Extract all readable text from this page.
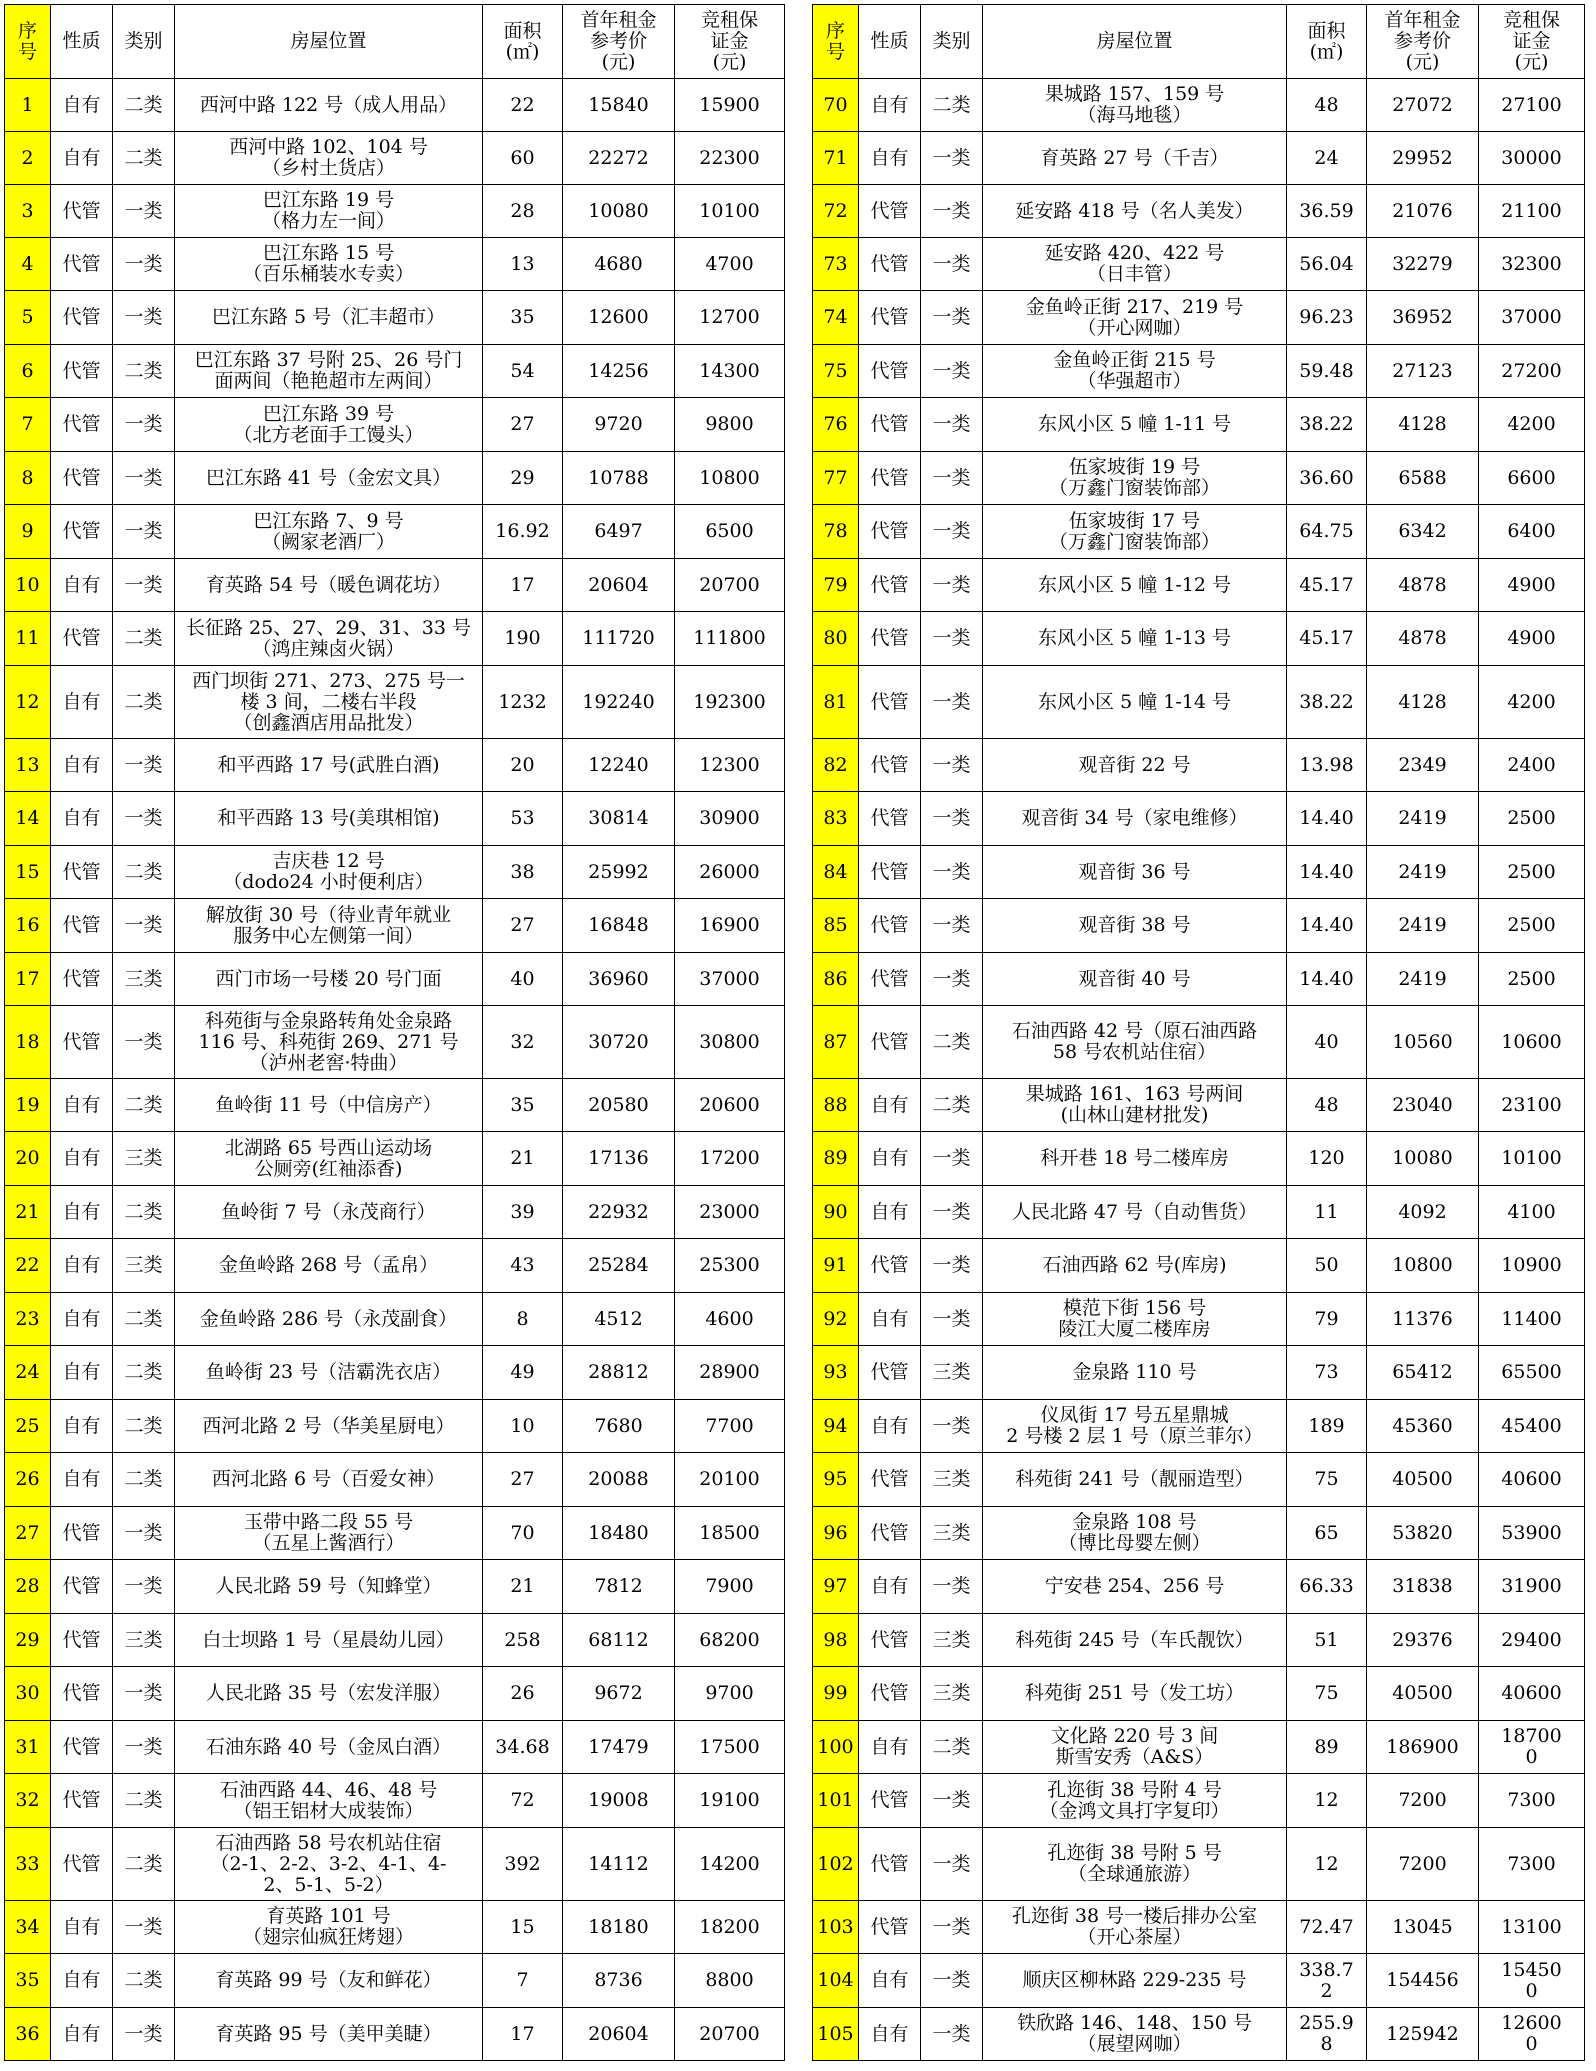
序
号	性质	类别	房屋位置	面积
(㎡)	首年租金
参考价
(元)	竞租保
证金
(元)

1	自有	二类	西河中路 122 号（成人用品）	22	15840	15900

2	自有	二类	西河中路 102、104 号
（乡村土货店）	60	22272	22300

3	代管	一类	巴江东路 19 号
（格力左一间）	28	10080	10100

4	代管	一类	巴江东路 15 号
（百乐桶装水专卖）	13	4680	4700

5	代管	一类	巴江东路 5 号（汇丰超市）	35	12600	12700

6	代管	二类	巴江东路 37 号附 25、26 号门
面两间（艳艳超市左两间）	54	14256	14300

7	代管	一类	巴江东路 39 号
（北方老面手工馒头）	27	9720	9800

8	代管	一类	巴江东路 41 号（金宏文具）	29	10788	10800

9	代管	一类	巴江东路 7、9 号
（阙家老酒厂）	16.92	6497	6500

10	自有	一类	育英路 54 号（暖色调花坊）	17	20604	20700

11	代管	二类	长征路 25、27、29、31、33 号
（鸿庄辣卤火锅）	190	111720	111800

12	自有	二类	西门坝街 271、273、275 号一
楼 3 间，二楼右半段
（创鑫酒店用品批发）	1232	192240	192300

13	自有	一类	和平西路 17 号(武胜白酒)	20	12240	12300

14	自有	一类	和平西路 13 号(美琪相馆)	53	30814	30900

15	代管	二类	吉庆巷 12 号
（dodo24 小时便利店）	38	25992	26000

16	代管	一类	解放街 30 号（待业青年就业
服务中心左侧第一间）	27	16848	16900

17	代管	三类	西门市场一号楼 20 号门面	40	36960	37000

18	代管	一类	科苑街与金泉路转角处金泉路
116 号、科苑街 269、271 号
（泸州老窖·特曲）	32	30720	30800

19	自有	二类	鱼岭街 11 号（中信房产）	35	20580	20600

20	自有	三类	北湖路 65 号西山运动场
公厕旁(红袖添香)	21	17136	17200

21	自有	二类	鱼岭街 7 号（永茂商行）	39	22932	23000

22	自有	三类	金鱼岭路 268 号（孟帛）	43	25284	25300

23	自有	二类	金鱼岭路 286 号（永茂副食）	8	4512	4600

24	自有	二类	鱼岭街 23 号（洁霸洗衣店）	49	28812	28900

25	自有	二类	西河北路 2 号（华美星厨电）	10	7680	7700

26	自有	二类	西河北路 6 号（百爱女神）	27	20088	20100

27	代管	一类	玉带中路二段 55 号
（五星上酱酒行）	70	18480	18500

28	代管	一类	人民北路 59 号（知蜂堂）	21	7812	7900

29	代管	三类	白士坝路 1 号（星晨幼儿园）	258	68112	68200

30	代管	一类	人民北路 35 号（宏发洋服）	26	9672	9700

31	代管	一类	石油东路 40 号（金凤白酒）	34.68	17479	17500

32	代管	二类	石油西路 44、46、48 号
（铝王铝材大成装饰）	72	19008	19100

33	代管	二类	石油西路 58 号农机站住宿
（2-1、2-2、3-2、4-1、4-
2、5-1、5-2）	392	14112	14200

34	自有	一类	育英路 101 号
（翅宗仙疯狂烤翅）	15	18180	18200

35	自有	二类	育英路 99 号（友和鲜花）	7	8736	8800

36	自有	一类	育英路 95 号（美甲美睫）	17	20604	20700
序
号	性质	类别	房屋位置	面积
(㎡)	首年租金
参考价
(元)	竞租保
证金
(元)

70	自有	二类	果城路 157、159 号
（海马地毯）	48	27072	27100

71	自有	一类	育英路 27 号（千吉）	24	29952	30000

72	代管	一类	延安路 418 号（名人美发）	36.59	21076	21100

73	代管	一类	延安路 420、422 号
（日丰管）	56.04	32279	32300

74	代管	一类	金鱼岭正街 217、219 号
（开心网咖）	96.23	36952	37000

75	代管	一类	金鱼岭正街 215 号
（华强超市）	59.48	27123	27200

76	代管	一类	东风小区 5 幢 1-11 号	38.22	4128	4200

77	代管	一类	伍家坡街 19 号
（万鑫门窗装饰部）	36.60	6588	6600

78	代管	一类	伍家坡街 17 号
（万鑫门窗装饰部）	64.75	6342	6400

79	代管	一类	东风小区 5 幢 1-12 号	45.17	4878	4900

80	代管	一类	东风小区 5 幢 1-13 号	45.17	4878	4900

81	代管	一类	东风小区 5 幢 1-14 号	38.22	4128	4200

82	代管	一类	观音街 22 号	13.98	2349	2400

83	代管	一类	观音街 34 号（家电维修）	14.40	2419	2500

84	代管	一类	观音街 36 号	14.40	2419	2500

85	代管	一类	观音街 38 号	14.40	2419	2500

86	代管	一类	观音街 40 号	14.40	2419	2500

87	代管	二类	石油西路 42 号（原石油西路
58 号农机站住宿）	40	10560	10600

88	自有	二类	果城路 161、163 号两间
(山林山建材批发)	48	23040	23100

89	自有	一类	科开巷 18 号二楼库房	120	10080	10100

90	自有	一类	人民北路 47 号（自动售货）	11	4092	4100

91	代管	一类	石油西路 62 号(库房)	50	10800	10900

92	自有	一类	模范下街 156 号
陵江大厦二楼库房	79	11376	11400

93	代管	三类	金泉路 110 号	73	65412	65500

94	自有	一类	仪凤街 17 号五星鼎城
2 号楼 2 层 1 号（原兰菲尔）	189	45360	45400

95	代管	三类	科苑街 241 号（靓丽造型）	75	40500	40600

96	代管	三类	金泉路 108 号
（博比母婴左侧）	65	53820	53900

97	自有	一类	宁安巷 254、256 号	66.33	31838	31900

98	代管	三类	科苑街 245 号（车氏靓饮）	51	29376	29400

99	代管	三类	科苑街 251 号（发工坊）	75	40500	40600

100	自有	二类	文化路 220 号 3 间
斯雪安秀（A&S）	89	186900	18700
0

101	代管	一类	孔迩街 38 号附 4 号
（金鸿文具打字复印）	12	7200	7300

102	代管	一类	孔迩街 38 号附 5 号
（全球通旅游）	12	7200	7300

103	代管	一类	孔迩街 38 号一楼后排办公室
（开心茶屋）	72.47	13045	13100

104	自有	一类	顺庆区柳林路 229-235 号	338.7
2	154456	15450
0

105	自有	一类	铁欣路 146、148、150 号
（展望网咖）	255.9
8	125942	12600
0
